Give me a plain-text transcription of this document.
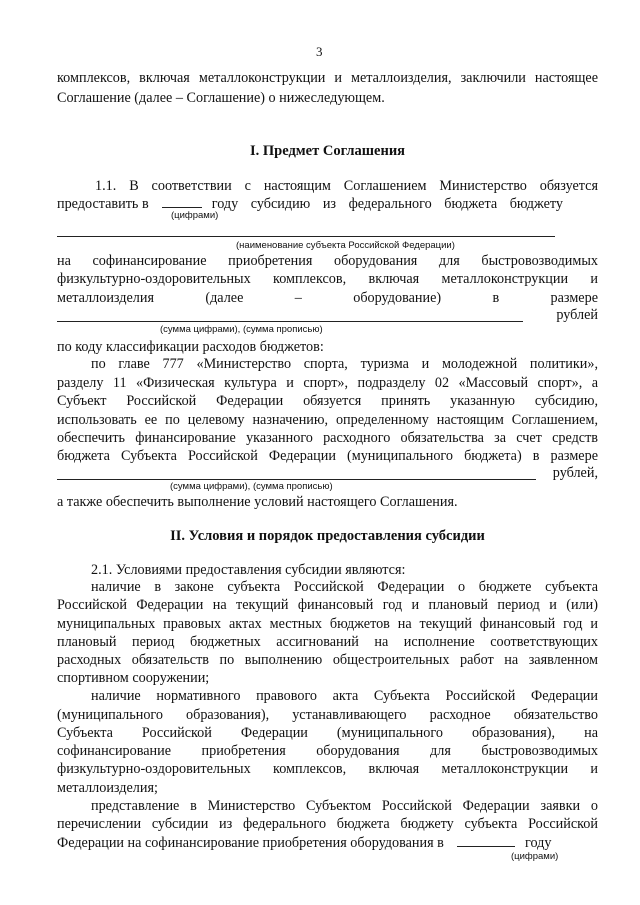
3
комплексов, включая металлоконструкции и металлоизделия, заключили настоящее
Соглашение (далее – Соглашение) о нижеследующем.
I. Предмет Соглашения
1.1. В соответствии с настоящим Соглашением Министерство обязуется
предоставить в	году субсидию из федерального бюджета бюджету
(цифрами)
(наименование субъекта Российской Федерации)
на софинансирование приобретения оборудования для быстровозводимых
физкультурно-оздоровительных комплексов, включая металлоконструкции и
металлоизделия (далее – оборудование) в размере
рублей
(сумма цифрами), (сумма прописью)
по коду классификации расходов бюджетов:
по главе 777 «Министерство спорта, туризма и молодежной политики»,
разделу 11 «Физическая культура и спорт», подразделу 02 «Массовый спорт», а
Субъект Российской Федерации обязуется принять указанную субсидию,
использовать ее по целевому назначению, определенному настоящим Соглашением,
обеспечить финансирование указанного расходного обязательства за счет средств
бюджета Субъекта Российской Федерации (муниципального бюджета) в размере
рублей,
(сумма цифрами), (сумма прописью)
а также обеспечить выполнение условий настоящего Соглашения.
II. Условия и порядок предоставления субсидии
2.1. Условиями предоставления субсидии являются:
наличие в законе субъекта Российской Федерации о бюджете субъекта
Российской Федерации на текущий финансовый год и плановый период и (или)
муниципальных правовых актах местных бюджетов на текущий финансовый год и
плановый период бюджетных ассигнований на исполнение соответствующих
расходных обязательств по выполнению общестроительных работ на заявленном
спортивном сооружении;
наличие нормативного правового акта Субъекта Российской Федерации
(муниципального образования), устанавливающего расходное обязательство
Субъекта Российской Федерации (муниципального образования), на
софинансирование приобретения оборудования для быстровозводимых
физкультурно-оздоровительных комплексов, включая металлоконструкции и
металлоизделия;
представление в Министерство Субъектом Российской Федерации заявки о
перечислении субсидии из федерального бюджета бюджету субъекта Российской
Федерации на софинансирование приобретения оборудования в	году
(цифрами)
